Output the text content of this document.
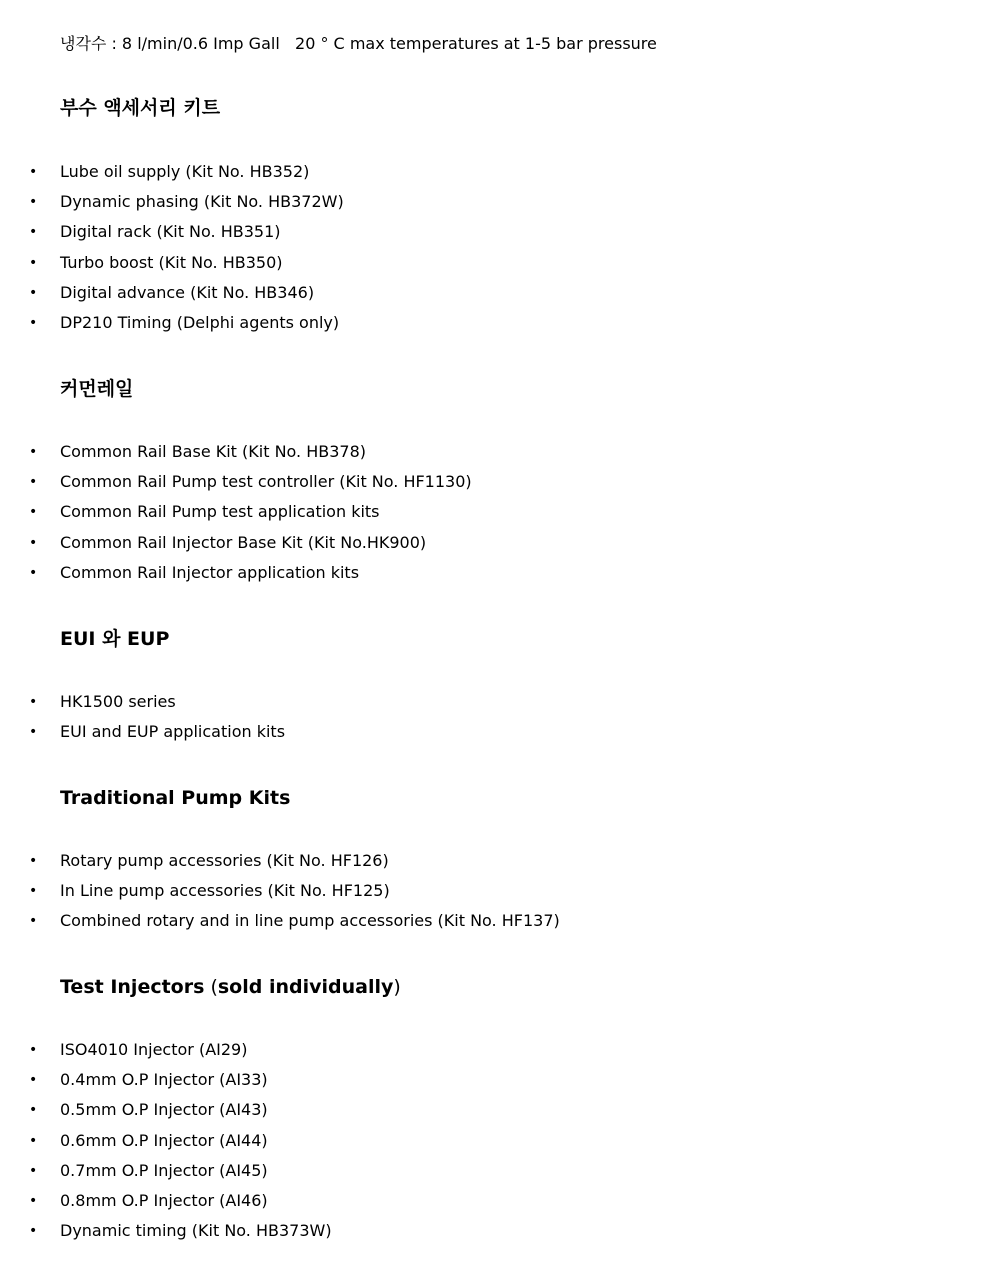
냉각수 : 8 l/min/0.6 Imp Gall   20 ° C max temperatures at 1-5 bar pressure
부수 액세서리 키트
• Lube oil supply (Kit No. HB352)
• Dynamic phasing (Kit No. HB372W)
• Digital rack (Kit No. HB351)
• Turbo boost (Kit No. HB350)
• Digital advance (Kit No. HB346)
• DP210 Timing (Delphi agents only)
커먼레일
• Common Rail Base Kit (Kit No. HB378)
• Common Rail Pump test controller (Kit No. HF1130)
• Common Rail Pump test application kits
• Common Rail Injector Base Kit (Kit No.HK900)
• Common Rail Injector application kits
EUI 와 EUP
• HK1500 series
• EUI and EUP application kits
Traditional Pump Kits
• Rotary pump accessories (Kit No. HF126)
• In Line pump accessories (Kit No. HF125)
• Combined rotary and in line pump accessories (Kit No. HF137)
Test Injectors (sold individually)
• ISO4010 Injector (AI29)
• 0.4mm O.P Injector (AI33)
• 0.5mm O.P Injector (AI43)
• 0.6mm O.P Injector (AI44)
• 0.7mm O.P Injector (AI45)
• 0.8mm O.P Injector (AI46)
• Dynamic timing (Kit No. HB373W)
